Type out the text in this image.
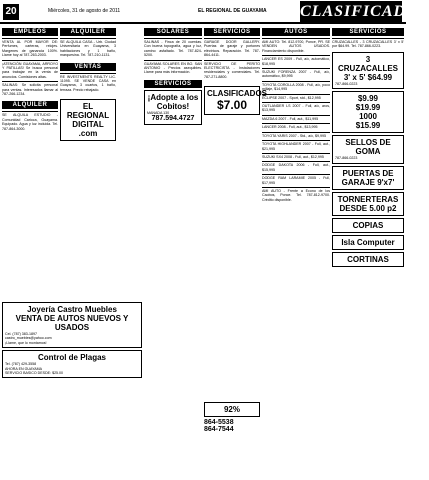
20	Miércoles, 31 de agosto de 2011	EL REGIONAL DE GUAYAMA CLASIFICADOS
EMPLEOS
VENTA AL POR MAYOR DE: Perfumes, carteras, relojes. Margenes de ganancia 100%. Llame hoy al 787-263-2003.
¡ATENCIÓN GUAYAMA, ARROYO Y PATILLAS! Se busca personal para trabajar en la venta de anuncios. Comisiones altas.
SALINAS: Se solicita personal para ventas. Interesados llamar al 787-266-1234.
ALQUILER
SE ALQUILA ESTUDIO - Comunidad Carioca, Guayama. Equipado. Agua y luz incluida. Tel. 787-864-3000.
ALQUILER
SE ALQUILA CASA - Urb. Ciudad Universitaria en Guayama, 3 habitaciones y 1 baño, marquesina. Tel. 787-210-1131.
VENTAS
RE INVESTMENTS REALTY LIC. 11095. SE VENDE CASA en Guayama, 3 cuartos, 1 baño, terraza. Precio rebajado.
EL REGIONAL DIGITAL .com
SOLARES
SALINAS - Finca de 20 cuerdas. Con buena topografía, agua y luz, camino asfaltado. Tel. 787-824-5200.
GUAYAMA SOLARES EN BO. SAN ANTONIO - Precios asequibles. Llame para más información.
SERVICIOS
¡Adopte a los Cobitos!
MANADA 130
787.594.4727
SERVICIOS
GARAGE DOOR GALLERY. Puertas de garaje y portones eléctricos. Reparación. Tel. 787-864-4411.
SERVICIO DE PERITO ELECTRICISTA - Instalaciones residenciales y comerciales. Tel. 787-271-8800.
CLASIFICADOS
$7.00
AUTOS
AMI AUTO: Tel. 812-9700, Ponce, PR. SE VENDEN AUTOS USADOS. Financiamiento disponible.
LANCER ES 2009 - Full, a/c, automático, $18,995
SUZUKI FORENZA 2007 - Full, a/c, automático, $9,995
TOYOTA COROLLA 2008 - Full, a/c, poco millaje, $14,995
ECLIPSE 2007 - Sport, std., $12,995
OUTLANDER LS 2007 - Full, a/c, aros, $13,995
MAZDA 6 2007 - Full, aut., $11,995
LANCER 2008 - Full, aut., $13,995
TOYOTA YARIS 2007 - Std., a/c, $9,995
TOYOTA HIGHLANDER 2007 - Full, aut., $21,995
SUZUKI SX4 2008 - Full, aut., $12,995
DODGE DAKOTA 2006 - Full, aut., $15,995
DODGE RAM LARAMIE 2005 - Full, $17,995
AMI AUTO - Frente a Econo de los Caobos, Ponce. Tel. 787-812-9700. Crédito disponible.
SERVICIOS
CRUZACALLES - 3 CRUZACALLES 3' x 5' por $64.99. Tel. 787-866-0223.
3 CRUZACALLES
3' x 5' $64.99
787-866-0223
$9.99
$19.99
1000
$15.99
SELLOS DE GOMA
787-866-0223
PUERTAS DE GARAJE 9'x7'
TORNERTERAS DESDE 5.00 p2
COPIAS
Isla Computer
CORTINAS
Joyería Castro Muebles
VENTA DE AUTOS NUEVOS Y USADOS
Cel. (787) 383-1897
castro_muebles@yahoo.com
¡Llame, que lo montamos!
Control de Plagas
Tel. (787) 429-3558
AHORA EN GUAYAMA
SERVICIO BASICO DESDE: $25.00
92%
864-5538
864-7544
